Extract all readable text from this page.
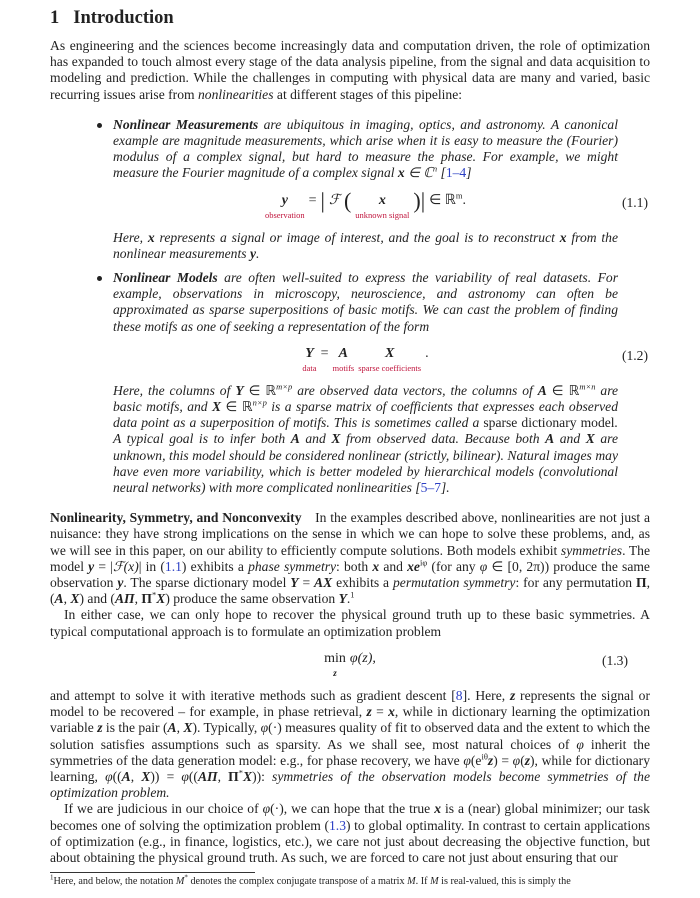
1 Introduction

As engineering and the sciences become increasingly data and computation driven, the role of optimization has expanded to touch almost every stage of the data analysis pipeline, from the signal and data acquisition to modeling and prediction. While the challenges in computing with physical data are many and varied, basic recurring issues arise from nonlinearities at different stages of this pipeline:

Nonlinear Measurements are ubiquitous in imaging, optics, and astronomy. A canonical example are magnitude measurements, which arise when it is easy to measure the (Fourier) modulus of a complex signal, but hard to measure the phase. For example, we might measure the Fourier magnitude of a complex signal x ∈ ℂ$^n$ [1–4]

y
observation
= | ℱ (	x
unknown signal
)| ∈ ℝ$^m$.	(1.1)

Here, x represents a signal or image of interest, and the goal is to reconstruct x from the nonlinear measurements y.

Nonlinear Models are often well-suited to express the variability of real datasets. For example, observations in microscopy, neuroscience, and astronomy can often be approximated as sparse superpositions of basic motifs. We can cast the problem of finding these motifs as one of seeking a representation of the form

Y
data
= A
motifs
X
sparse coefficients
.	(1.2)

Here, the columns of Y ∈ ℝ$^{m\times p}$ are observed data vectors, the columns of A ∈ ℝ$^{m\times n}$ are basic motifs, and X ∈ ℝ$^{n\times p}$ is a sparse matrix of coefficients that expresses each observed data point as a superposition of motifs. This is sometimes called a sparse dictionary model. A typical goal is to infer both A and X from observed data. Because both A and X are unknown, this model should be considered nonlinear (strictly, bilinear). Natural images may have even more variability, which is better modeled by hierarchical models (convolutional neural networks) with more complicated nonlinearities [5–7].

Nonlinearity, Symmetry, and Nonconvexity In the examples described above, nonlinearities are not just a nuisance: they have strong implications on the sense in which we can hope to solve these problems, and, as we will see in this paper, on our ability to efficiently compute solutions. Both models exhibit symmetries. The model y = |ℱ(x)| in (1.1) exhibits a phase symmetry: both x and $xe^{i\varphi}$ (for any φ ∈ [0, 2π)) produce the same observation y. The sparse dictionary model Y = AX exhibits a permutation symmetry: for any permutation Π, (A, X) and (AΠ, Π*X) produce the same observation Y.$^1$

In either case, we can only hope to recover the physical ground truth up to these basic symmetries. A typical computational approach is to formulate an optimization problem

min
z
φ(z),	(1.3)

and attempt to solve it with iterative methods such as gradient descent [8]. Here, z represents the signal or model to be recovered – for example, in phase retrieval, z = x, while in dictionary learning the optimization variable z is the pair (A, X). Typically, φ(·) measures quality of fit to observed data and the extent to which the solution satisfies assumptions such as sparsity. As we shall see, most natural choices of φ inherit the symmetries of the data generation model: e.g., for phase recovery, we have $\varphi(e^{i\theta}z) = \varphi(z)$, while for dictionary learning, φ((A, X)) = φ((AΠ, Π*X)): symmetries of the observation models become symmetries of the optimization problem.

If we are judicious in our choice of φ(·), we can hope that the true x is a (near) global minimizer; our task becomes one of solving the optimization problem (1.3) to global optimality. In contrast to certain applications of optimization (e.g., in finance, logistics, etc.), we care not just about decreasing the objective function, but about obtaining the physical ground truth. As such, we are forced to care not just about ensuring that our

$^1$Here, and below, the notation M* denotes the complex conjugate transpose of a matrix M. If M is real-valued, this is simply the
